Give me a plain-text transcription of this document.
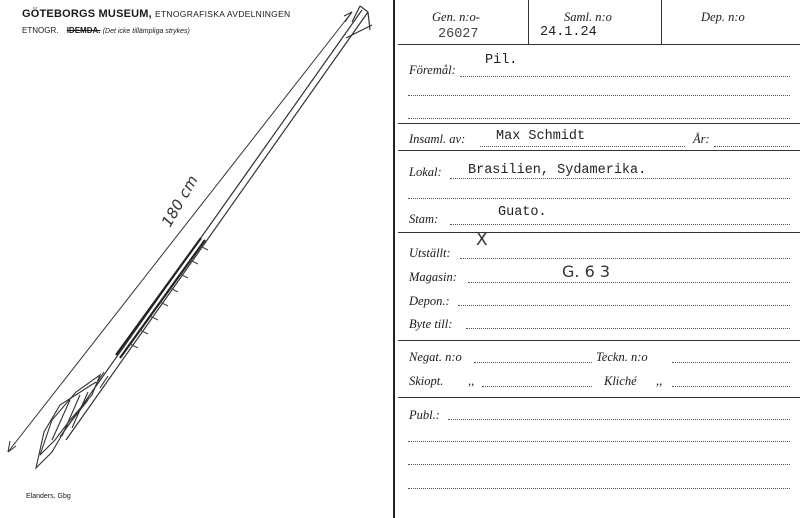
GÖTEBORGS MUSEUM, ETNOGRAFISKA AVDELNINGEN
ETNOGR. IDEMDA. (Det icke tillämpliga strykes)
180 cm
Elanders, Gbg
Gen. n:o-
26027
Saml. n:o
24.1.24
Dep. n:o
Föremål:
Pil.
Insaml. av: Max Schmidt	År:
Lokal: Brasilien, Sydamerika.
Stam:	Guato.
Utställt:
X
Magasin:	G. 6 3
Depon.:
Byte till:
Negat. n:o	Teckn. n:o
Skiopt. ,,	Kliché ,,
Publ.:
